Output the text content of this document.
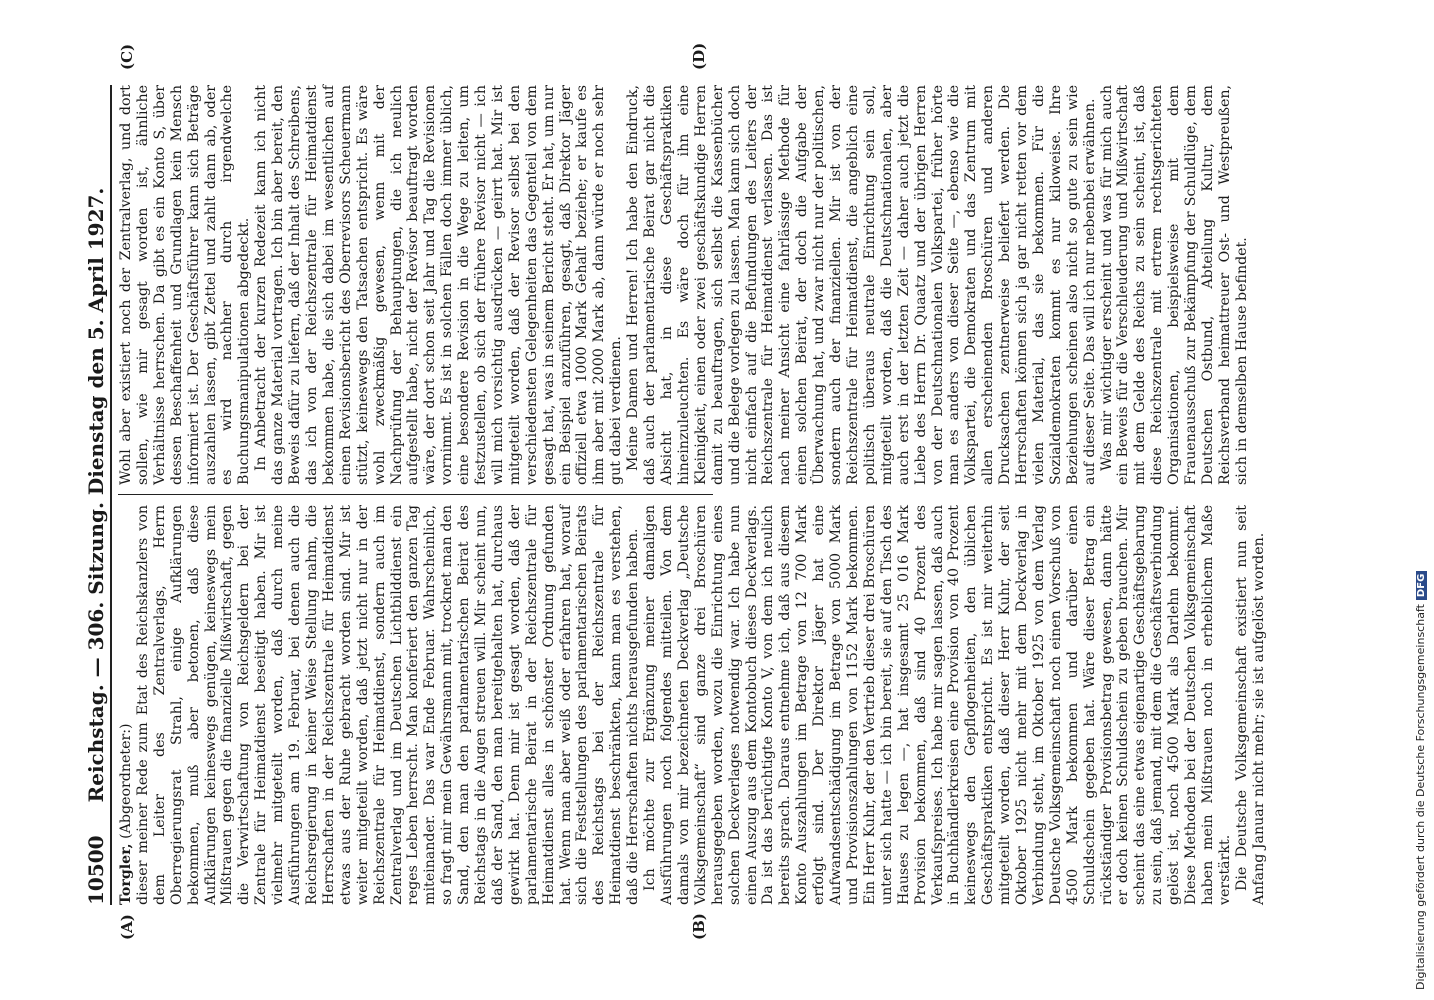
10500
Reichstag. — 306. Sitzung. Dienstag den 5. April 1927.
(A)	(B)

Torgler, (Abgeordneter:) dieser meiner Rede zum Etat des Reichskanzlers von dem Leiter des Zentralverlags, Herrn Oberregierungsrat Strahl, einige Aufklärungen bekommen, muß aber betonen, daß diese Aufklärungen keineswegs genügen, keineswegs mein Mißtrauen gegen die finanzielle Mißwirtschaft, gegen die Verwirtschaftung von Reichsgeldern bei der Zentrale für Heimatdienst beseitigt haben. Mir ist vielmehr mitgeteilt worden, daß durch meine Ausführungen am 19. Februar, bei denen auch die Reichsregierung in keiner Weise Stellung nahm, die Herrschaften in der Reichszentrale für Heimatdienst etwas aus der Ruhe gebracht worden sind. Mir ist weiter mitgeteilt worden, daß jetzt nicht nur in der Reichszentrale für Heimatdienst, sondern auch im Zentralverlag und im Deutschen Lichtbilddienst ein reges Leben herrscht. Man konferiert den ganzen Tag miteinander. Das war Ende Februar. Wahrscheinlich, so fragt mir mein Gewährsmann mit, trocknet man den Sand, den man den parlamentarischen Beirat des Reichstags in die Augen streuen will. Mir scheint nun, daß der Sand, den man bereitgehalten hat, durchaus gewirkt hat. Denn mir ist gesagt worden, daß der parlamentarische Beirat in der Reichszentrale für Heimatdienst alles in schönster Ordnung gefunden hat. Wenn man aber weiß oder erfahren hat, worauf sich die Feststellungen des parlamentarischen Beirats des Reichstags bei der Reichszentrale für Heimatdienst beschränkten, kann man es verstehen, daß die Herrschaften nichts herausgefunden haben. Ich möchte zur Ergänzung meiner damaligen Ausführungen noch folgendes mitteilen. Von dem damals von mir bezeichneten Deckverlag „Deutsche Volksgemeinschaft“ sind ganze drei Broschüren herausgegeben worden, wozu die Einrichtung eines solchen Deckverlages notwendig war. Ich habe nun einen Auszug aus dem Kontobuch dieses Deckverlags. Da ist das berüchtigte Konto V, von dem ich neulich bereits sprach. Daraus entnehme ich, daß aus diesem Konto Auszahlungen im Betrage von 12 700 Mark erfolgt sind. Der Direktor Jäger hat eine Aufwandsentschädigung im Betrage von 5000 Mark und Provisionszahlungen von 1152 Mark bekommen. Ein Herr Kuhr, der den Vertrieb dieser drei Broschüren unter sich hatte — ich bin bereit, sie auf den Tisch des Hauses zu legen —, hat insgesamt 25 016 Mark Provision bekommen, daß sind 40 Prozent des Verkaufspreises. Ich habe mir sagen lassen, daß auch in Buchhändlerkreisen eine Provision von 40 Prozent keineswegs den Gepflogenheiten, den üblichen Geschäftspraktiken entspricht. Es ist mir weiterhin mitgeteilt worden, daß dieser Herr Kuhr, der seit Oktober 1925 nicht mehr mit dem Deckverlag in Verbindung steht, im Oktober 1925 von dem Verlag Deutsche Volksgemeinschaft noch einen Vorschuß von 4500 Mark bekommen und darüber einen Schuldschein gegeben hat. Wäre dieser Betrag ein rückständiger Provisionsbetrag gewesen, dann hätte er doch keinen Schuldschein zu geben brauchen. Mir scheint das eine etwas eigenartige Geschäftsgebarung zu sein, daß jemand, mit dem die Geschäftsverbindung gelöst ist, noch 4500 Mark als Darlehn bekommt. Diese Methoden bei der Deutschen Volksgemeinschaft haben mein Mißtrauen noch in erheblichem Maße verstärkt. Die Deutsche Volksgemeinschaft existiert nun seit Anfang Januar nicht mehr; sie ist aufgelöst worden.

Wohl aber existiert noch der Zentralverlag, und dort sollen, wie mir gesagt worden ist, ähnliche Verhältnisse herrschen. Da gibt es ein Konto S, über dessen Beschaffenheit und Grundlagen kein Mensch informiert ist. Der Geschäftsführer kann sich Beträge auszahlen lassen, gibt Zettel und zahlt dann ab, oder es wird nachher durch irgendwelche Buchungsmanipulationen abgedeckt. In Anbetracht der kurzen Redezeit kann ich nicht das ganze Material vortragen. Ich bin aber bereit, den Beweis dafür zu liefern, daß der Inhalt des Schreibens, das ich von der Reichszentrale für Heimatdienst bekommen habe, die sich dabei im wesentlichen auf einen Revisionsbericht des Oberrevisors Scheuermann stützt, keineswegs den Tatsachen entspricht. Es wäre wohl zweckmäßig gewesen, wenn mit der Nachprüfung der Behauptungen, die ich neulich aufgestellt habe, nicht der Revisor beauftragt worden wäre, der dort schon seit Jahr und Tag die Revisionen vornimmt. Es ist in solchen Fällen doch immer üblich, eine besondere Revision in die Wege zu leiten, um festzustellen, ob sich der frühere Revisor nicht — ich will mich vorsichtig ausdrücken — geirrt hat. Mir ist mitgeteilt worden, daß der Revisor selbst bei den verschiedensten Gelegenheiten das Gegenteil von dem gesagt hat, was in seinem Bericht steht. Er hat, um nur ein Beispiel anzuführen, gesagt, daß Direktor Jäger offiziell etwa 1000 Mark Gehalt beziehe; er kaufe es ihm aber mit 2000 Mark ab, dann würde er noch sehr gut dabei verdienen. Meine Damen und Herren! Ich habe den Eindruck, daß auch der parlamentarische Beirat gar nicht die Absicht hat, in diese Geschäftspraktiken hineinzuleuchten. Es wäre doch für ihn eine Kleinigkeit, einen oder zwei geschäftskundige Herren damit zu beauftragen, sich selbst die Kassenbücher und die Belege vorlegen zu lassen. Man kann sich doch nicht einfach auf die Befundungen des Leiters der Reichszentrale für Heimatdienst verlassen. Das ist nach meiner Ansicht eine fahrlässige Methode für einen solchen Beirat, der doch die Aufgabe der Überwachung hat, und zwar nicht nur der politischen, sondern auch der finanziellen. Mir ist von der Reichszentrale für Heimatdienst, die angeblich eine politisch überaus neutrale Einrichtung sein soll, mitgeteilt worden, daß die Deutschnationalen, aber auch erst in der letzten Zeit — daher auch jetzt die Liebe des Herrn Dr. Quaatz und der übrigen Herren von der Deutschnationalen Volkspartei, früher hörte man es anders von dieser Seite —, ebenso wie die Volkspartei, die Demokraten und das Zentrum mit allen erscheinenden Broschüren und anderen Drucksachen zentnerweise beliefert werden. Die Herrschaften können sich ja gar nicht retten vor dem vielen Material, das sie bekommen. Für die Sozialdemokraten kommt es nur kiloweise. Ihre Beziehungen scheinen also nicht so gute zu sein wie auf dieser Seite. Das will ich nur nebenbei erwähnen. Was mir wichtiger erscheint und was für mich auch ein Beweis für die Verschleuderung und Mißwirtschaft mit dem Gelde des Reichs zu sein scheint, ist, daß diese Reichszentrale mit ertrem rechtsgerichteten Organisationen, beispielsweise mit dem Frauenausschuß zur Bekämpfung der Schuldlüge, dem Deutschen Ostbund, Abteilung Kultur, dem Reichsverband heimattreuer Ost- und Westpreußen, sich in demselben Hause befindet.

(C)	(D)
Digitalisierung gefördert durch die Deutsche ForschungsgemeinschaftDFG
